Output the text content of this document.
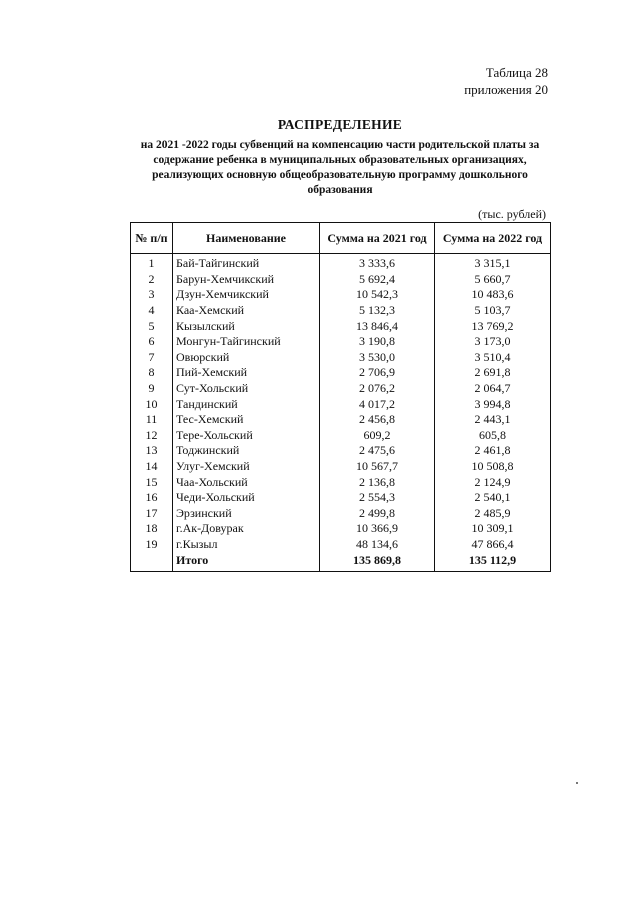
Таблица 28
приложения 20
РАСПРЕДЕЛЕНИЕ
на 2021 -2022 годы субвенций на компенсацию части родительской платы за
содержание ребенка в муниципальных образовательных организациях,
реализующих основную общеобразовательную программу дошкольного
образования
(тыс. рублей)
№ п/п	Наименование	Сумма на 2021 год	Сумма на 2022 год
1	Бай-Тайгинский	3 333,6	3 315,1
2	Барун-Хемчикский	5 692,4	5 660,7
3	Дзун-Хемчикский	10 542,3	10 483,6
4	Каа-Хемский	5 132,3	5 103,7
5	Кызылский	13 846,4	13 769,2
6	Монгун-Тайгинский	3 190,8	3 173,0
7	Овюрский	3 530,0	3 510,4
8	Пий-Хемский	2 706,9	2 691,8
9	Сут-Хольский	2 076,2	2 064,7
10	Тандинский	4 017,2	3 994,8
11	Тес-Хемский	2 456,8	2 443,1
12	Тере-Хольский	609,2	605,8
13	Тоджинский	2 475,6	2 461,8
14	Улуг-Хемский	10 567,7	10 508,8
15	Чаа-Хольский	2 136,8	2 124,9
16	Чеди-Хольский	2 554,3	2 540,1
17	Эрзинский	2 499,8	2 485,9
18	г.Ак-Довурак	10 366,9	10 309,1
19	г.Кызыл	48 134,6	47 866,4
	Итого	135 869,8	135 112,9
